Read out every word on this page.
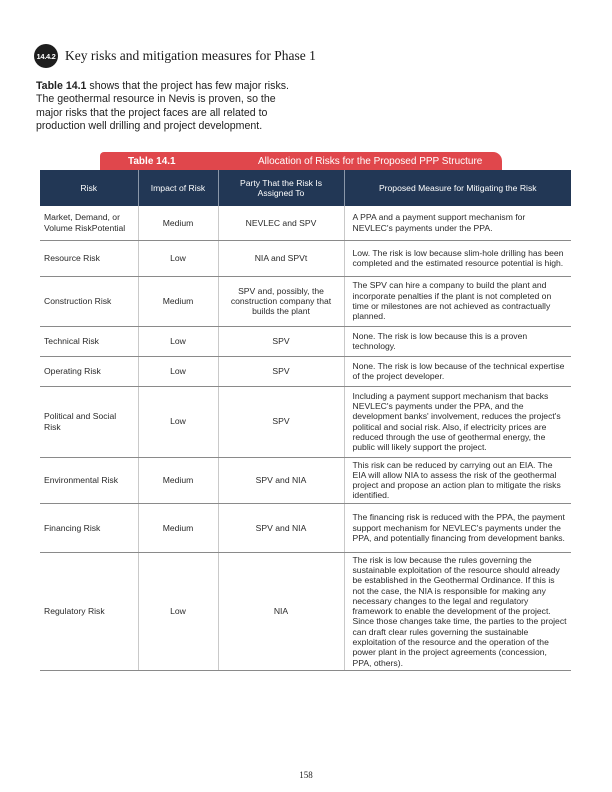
14.4.2 Key risks and mitigation measures for Phase 1

Table 14.1 shows that the project has few major risks. The geothermal resource in Nevis is proven, so the major risks that the project faces are all related to production well drilling and project development.

Table 14.1	Allocation of Risks for the Proposed PPP Structure
Risk	Impact of Risk	Party That the Risk Is Assigned To	Proposed Measure for Mitigating the Risk
Market, Demand, or Volume RiskPotential	Medium	NEVLEC and SPV	A PPA and a payment support mechanism for NEVLEC's payments under the PPA.
Resource Risk	Low	NIA and SPVt	Low. The risk is low because slim-hole drilling has been completed and the estimated resource potential is high.
Construction Risk	Medium	SPV and, possibly, the construction company that builds the plant	The SPV can hire a company to build the plant and incorporate penalties if the plant is not completed on time or milestones are not achieved as contractually planned.
Technical Risk	Low	SPV	None. The risk is low because this is a proven technology.
Operating Risk	Low	SPV	None. The risk is low because of the technical expertise of the project developer.
Political and Social Risk	Low	SPV	Including a payment support mechanism that backs NEVLEC's payments under the PPA, and the development banks' involvement, reduces the project's political and social risk. Also, if electricity prices are reduced through the use of geothermal energy, the public will likely support the project.
Environmental Risk	Medium	SPV and NIA	This risk can be reduced by carrying out an EIA. The EIA will allow NIA to assess the risk of the geothermal project and propose an action plan to mitigate the risks identified.
Financing Risk	Medium	SPV and NIA	The financing risk is reduced with the PPA, the payment support mechanism for NEVLEC's payments under the PPA, and potentially financing from development banks.
Regulatory Risk	Low	NIA	The risk is low because the rules governing the sustainable exploitation of the resource should already be established in the Geothermal Ordinance. If this is not the case, the NIA is responsible for making any necessary changes to the legal and regulatory framework to enable the development of the project. Since those changes take time, the parties to the project can draft clear rules governing the sustainable exploitation of the resource and the operation of the power plant in the project agreements (concession, PPA, others).
158
